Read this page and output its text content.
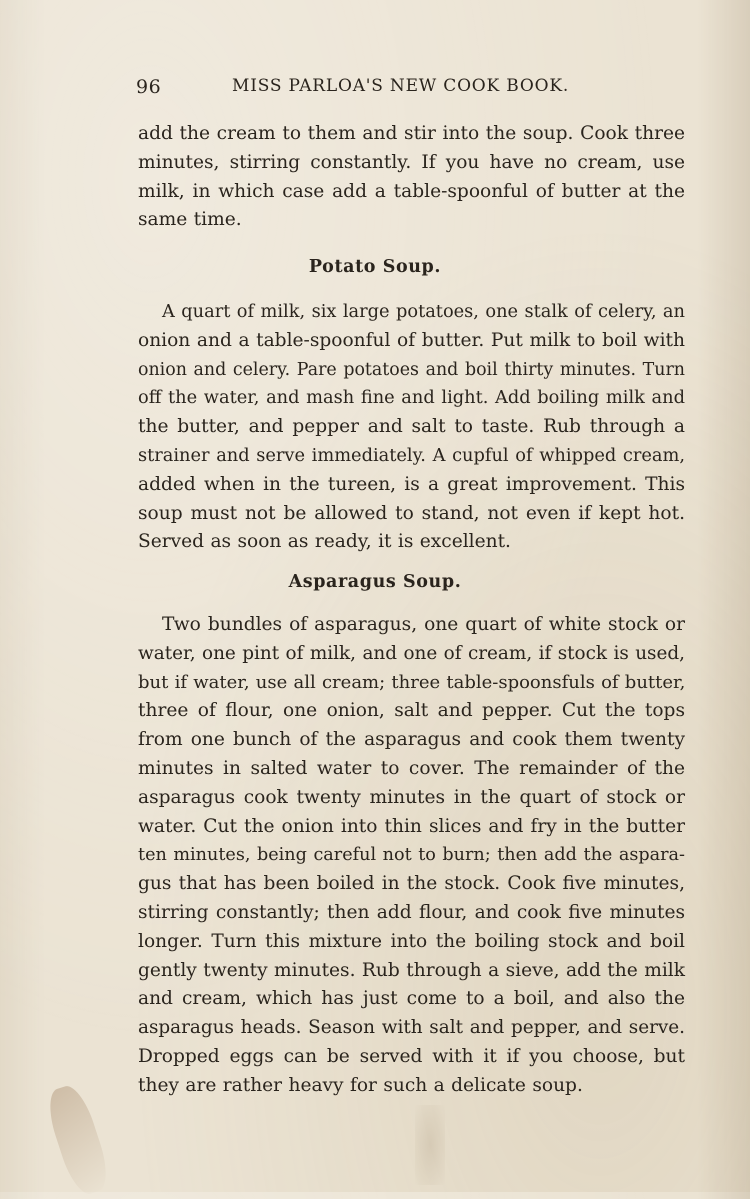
96	MISS PARLOA'S NEW COOK BOOK.
add the cream to them and stir into the soup. Cook three
minutes, stirring constantly. If you have no cream, use
milk, in which case add a table-spoonful of butter at the
same time.
Potato Soup.
A quart of milk, six large potatoes, one stalk of celery, an
onion and a table-spoonful of butter. Put milk to boil with
onion and celery. Pare potatoes and boil thirty minutes. Turn
off the water, and mash fine and light. Add boiling milk and
the butter, and pepper and salt to taste. Rub through a
strainer and serve immediately. A cupful of whipped cream,
added when in the tureen, is a great improvement. This
soup must not be allowed to stand, not even if kept hot.
Served as soon as ready, it is excellent.
Asparagus Soup.
Two bundles of asparagus, one quart of white stock or
water, one pint of milk, and one of cream, if stock is used,
but if water, use all cream; three table-spoonsfuls of butter,
three of flour, one onion, salt and pepper. Cut the tops
from one bunch of the asparagus and cook them twenty
minutes in salted water to cover. The remainder of the
asparagus cook twenty minutes in the quart of stock or
water. Cut the onion into thin slices and fry in the butter
ten minutes, being careful not to burn; then add the aspara-
gus that has been boiled in the stock. Cook five minutes,
stirring constantly; then add flour, and cook five minutes
longer. Turn this mixture into the boiling stock and boil
gently twenty minutes. Rub through a sieve, add the milk
and cream, which has just come to a boil, and also the
asparagus heads. Season with salt and pepper, and serve.
Dropped eggs can be served with it if you choose, but
they are rather heavy for such a delicate soup.
